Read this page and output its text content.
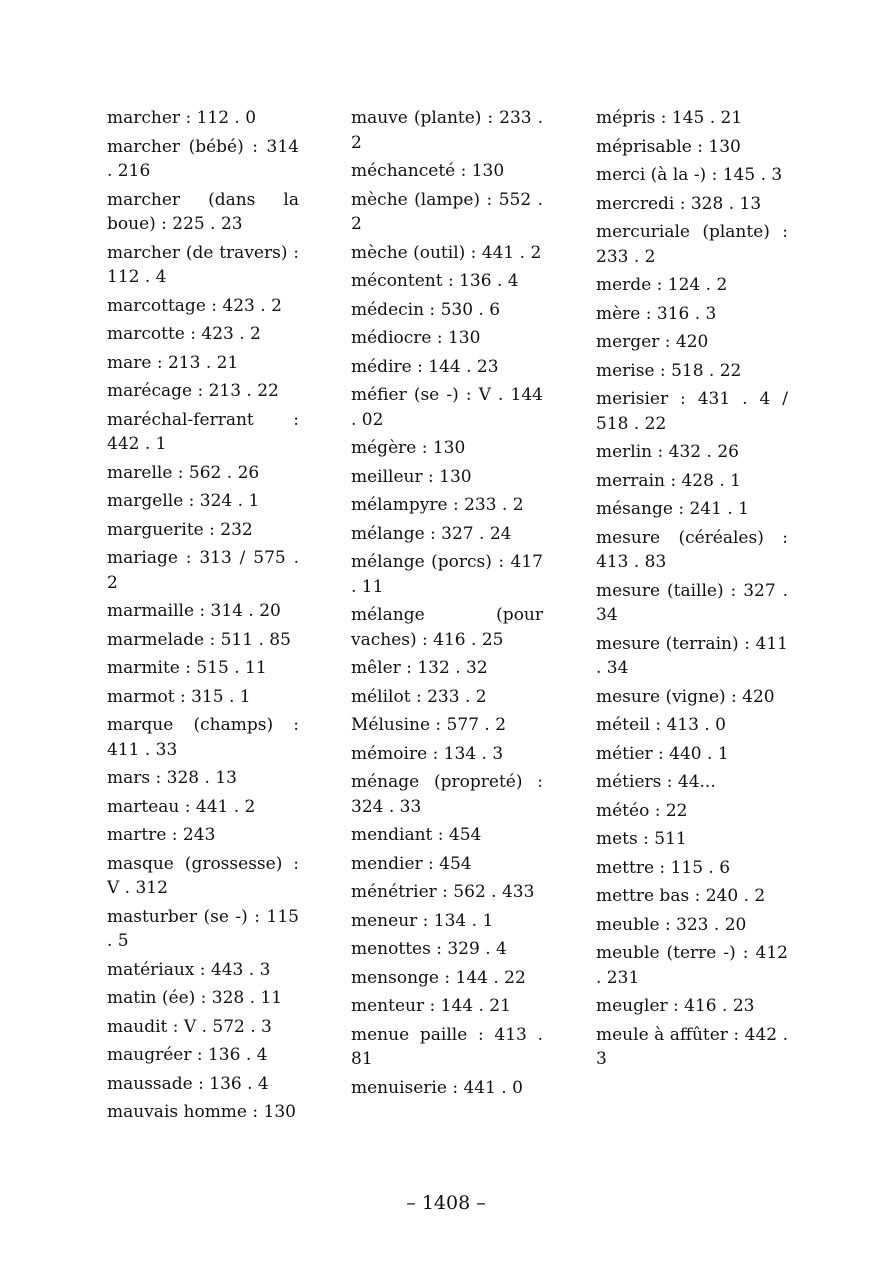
marcher : 112 . 0
marcher (bébé) : 314 . 216
marcher (dans la boue) : 225 . 23
marcher (de travers) : 112 . 4
marcottage : 423 . 2
marcotte : 423 . 2
mare : 213 . 21
marécage : 213 . 22
maréchal-ferrant : 442 . 1
marelle : 562 . 26
margelle : 324 . 1
marguerite : 232
mariage : 313 / 575 . 2
marmaille : 314 . 20
marmelade : 511 . 85
marmite : 515 . 11
marmot : 315 . 1
marque (champs) : 411 . 33
mars : 328 . 13
marteau : 441 . 2
martre : 243
masque (grossesse) : V . 312
masturber (se -) : 115 . 5
matériaux : 443 . 3
matin (ée) : 328 . 11
maudit : V . 572 . 3
maugréer : 136 . 4
maussade : 136 . 4
mauvais homme : 130
mauve (plante) : 233 . 2
méchanceté : 130
mèche (lampe) : 552 . 2
mèche (outil) : 441 . 2
mécontent : 136 . 4
médecin : 530 . 6
médiocre : 130
médire : 144 . 23
méfier (se -) : V . 144 . 02
mégère : 130
meilleur : 130
mélampyre : 233 . 2
mélange : 327 . 24
mélange (porcs) : 417 . 11
mélange (pour vaches) : 416 . 25
mêler : 132 . 32
mélilot : 233 . 2
Mélusine : 577 . 2
mémoire : 134 . 3
ménage (propreté) : 324 . 33
mendiant : 454
mendier : 454
ménétrier : 562 . 433
meneur : 134 . 1
menottes : 329 . 4
mensonge : 144 . 22
menteur : 144 . 21
menue paille : 413 . 81
menuiserie : 441 . 0
mépris : 145 . 21
méprisable : 130
merci (à la -) : 145 . 3
mercredi : 328 . 13
mercuriale (plante) : 233 . 2
merde : 124 . 2
mère : 316 . 3
merger : 420
merise : 518 . 22
merisier : 431 . 4 / 518 . 22
merlin : 432 . 26
merrain : 428 . 1
mésange : 241 . 1
mesure (céréales) : 413 . 83
mesure (taille) : 327 . 34
mesure (terrain) : 411 . 34
mesure (vigne) : 420
méteil : 413 . 0
métier : 440 . 1
métiers : 44...
météo : 22
mets : 511
mettre : 115 . 6
mettre bas : 240 . 2
meuble : 323 . 20
meuble (terre -) : 412 . 231
meugler : 416 . 23
meule à affûter : 442 . 3
– 1408 –
